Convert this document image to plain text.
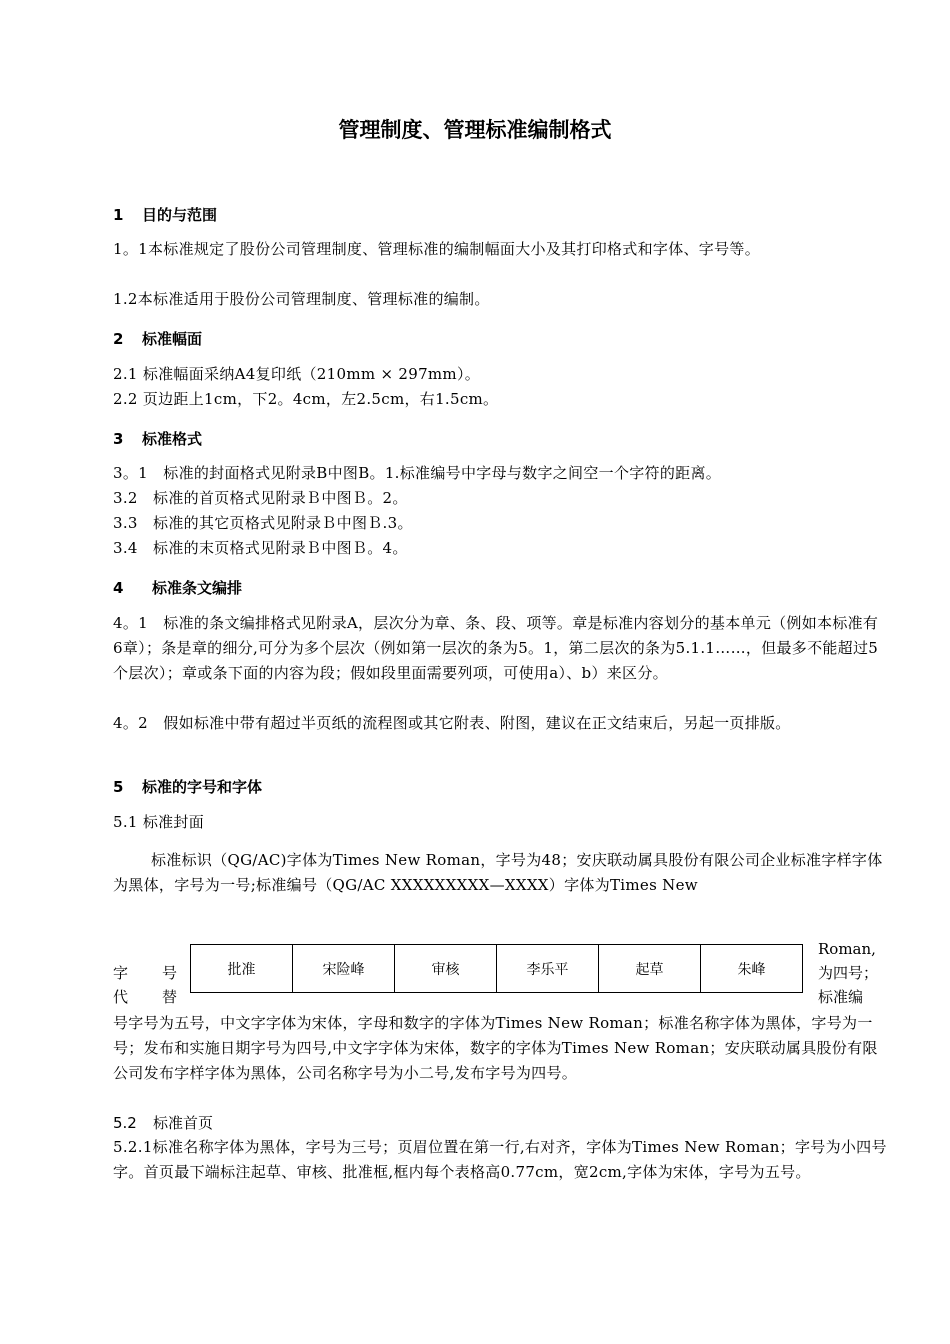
管理制度、管理标准编制格式
1 目的与范围
1。1本标准规定了股份公司管理制度、管理标准的编制幅面大小及其打印格式和字体、字号等。
1.2本标准适用于股份公司管理制度、管理标准的编制。
2 标准幅面
2.1 标准幅面采纳A4复印纸（210mm × 297mm）。
2.2 页边距上1cm，下2。4cm，左2.5cm，右1.5cm。
3 标准格式
3。1　标准的封面格式见附录B中图B。1.标准编号中字母与数字之间空一个字符的距离。
3.2　标准的首页格式见附录Ｂ中图Ｂ。2。
3.3　标准的其它页格式见附录Ｂ中图Ｂ.3。
3.4　标准的末页格式见附录Ｂ中图Ｂ。4。
4 标准条文编排
4。1　标准的条文编排格式见附录A，层次分为章、条、段、项等。章是标准内容划分的基本单元（例如本标准有6章）；条是章的细分,可分为多个层次（例如第一层次的条为5。1，第二层次的条为5.1.1……，但最多不能超过5个层次）；章或条下面的内容为段；假如段里面需要列项，可使用a）、b）来区分。
4。2　假如标准中带有超过半页纸的流程图或其它附表、附图，建议在正文结束后，另起一页排版。
5 标准的字号和字体
5.1 标准封面
标准标识（QG/AC)字体为Times New Roman，字号为48；安庆联动属具股份有限公司企业标准字样字体为黑体，字号为一号;标准编号（QG/AC XXXXXXXXX—XXXX）字体为Times New
字　　号
代　　替
批准	宋险峰	审核	李乐平	起草	朱峰
Roman,
为四号；
标准编
号字号为五号，中文字字体为宋体，字母和数字的字体为Times New Roman；标准名称字体为黑体，字号为一号；发布和实施日期字号为四号,中文字字体为宋体，数字的字体为Times New Roman；安庆联动属具股份有限公司发布字样字体为黑体，公司名称字号为小二号,发布字号为四号。
5.2 标准首页
5.2.1标准名称字体为黑体，字号为三号；页眉位置在第一行,右对齐，字体为Times New Roman；字号为小四号字。首页最下端标注起草、审核、批准框,框内每个表格高0.77cm，宽2cm,字体为宋体，字号为五号。
